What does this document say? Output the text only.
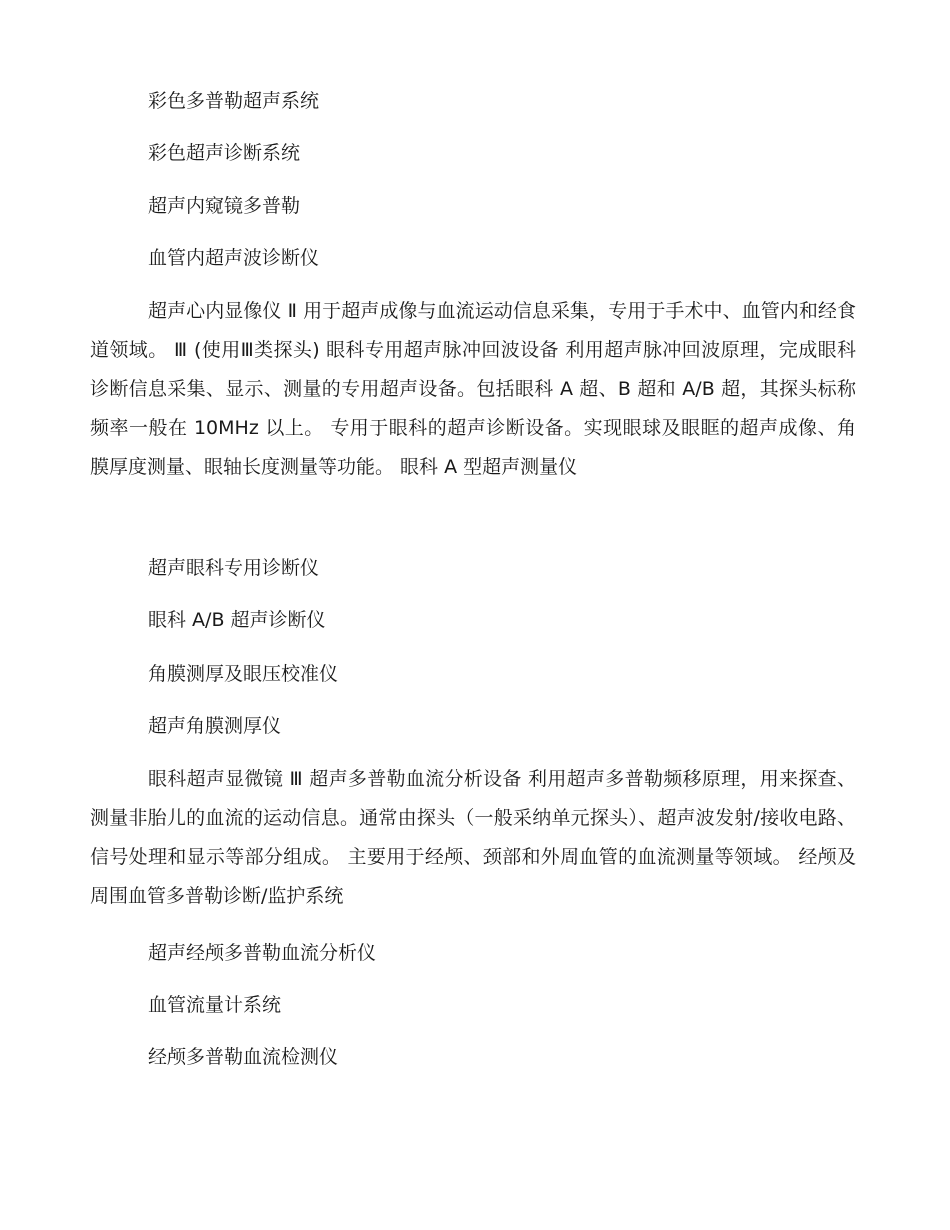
彩色多普勒超声系统
彩色超声诊断系统
超声内窥镜多普勒
血管内超声波诊断仪

超声心内显像仪 Ⅱ 用于超声成像与血流运动信息采集，专用于手术中、血管内和经食道领域。 Ⅲ (使用Ⅲ类探头) 眼科专用超声脉冲回波设备 利用超声脉冲回波原理，完成眼科诊断信息采集、显示、测量的专用超声设备。包括眼科 A 超、B 超和 A/B 超，其探头标称频率一般在 10MHz 以上。 专用于眼科的超声诊断设备。实现眼球及眼眶的超声成像、角膜厚度测量、眼轴长度测量等功能。 眼科 A 型超声测量仪

超声眼科专用诊断仪
眼科 A/B 超声诊断仪
角膜测厚及眼压校准仪
超声角膜测厚仪

眼科超声显微镜 Ⅲ 超声多普勒血流分析设备 利用超声多普勒频移原理，用来探查、测量非胎儿的血流的运动信息。通常由探头（一般采纳单元探头）、超声波发射/接收电路、信号处理和显示等部分组成。 主要用于经颅、颈部和外周血管的血流测量等领域。 经颅及周围血管多普勒诊断/监护系统

超声经颅多普勒血流分析仪
血管流量计系统
经颅多普勒血流检测仪
